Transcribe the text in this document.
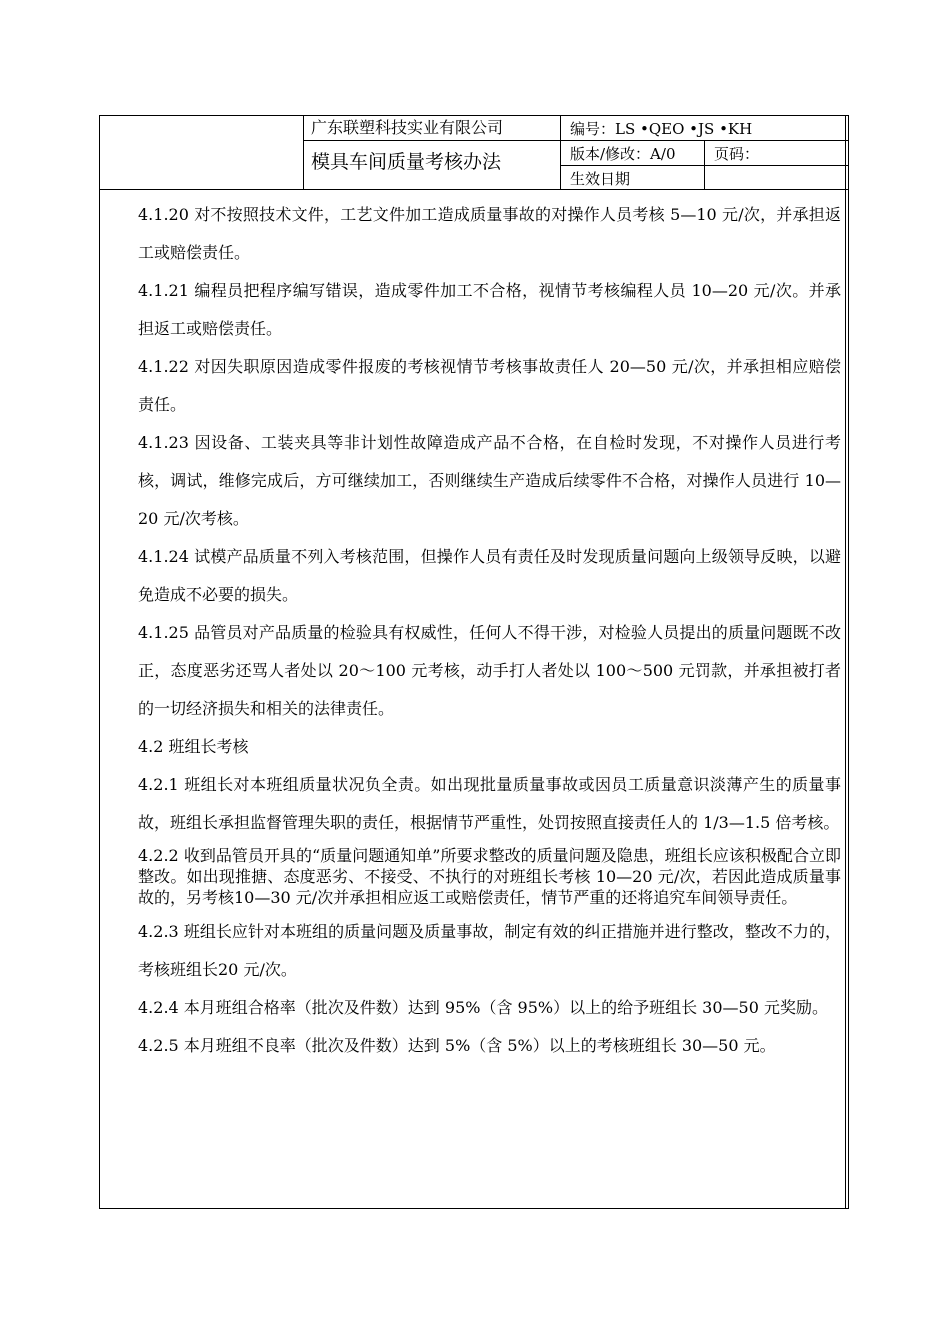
广东联塑科技实业有限公司
模具车间质量考核办法
编号：LS •QEO •JS •KH
版本/修改：A/0	页码：
生效日期

4.1.20 对不按照技术文件，工艺文件加工造成质量事故的对操作人员考核 5—10 元/次，并承担返工或赔偿责任。

4.1.21 编程员把程序编写错误，造成零件加工不合格，视情节考核编程人员 10—20 元/次。并承担返工或赔偿责任。

4.1.22 对因失职原因造成零件报废的考核视情节考核事故责任人 20—50 元/次，并承担相应赔偿责任。

4.1.23 因设备、工装夹具等非计划性故障造成产品不合格，在自检时发现，不对操作人员进行考核，调试，维修完成后，方可继续加工，否则继续生产造成后续零件不合格，对操作人员进行 10—20 元/次考核。

4.1.24 试模产品质量不列入考核范围，但操作人员有责任及时发现质量问题向上级领导反映，以避免造成不必要的损失。

4.1.25 品管员对产品质量的检验具有权威性，任何人不得干涉，对检验人员提出的质量问题既不改正，态度恶劣还骂人者处以 20～100 元考核，动手打人者处以 100～500 元罚款，并承担被打者的一切经济损失和相关的法律责任。

4.2 班组长考核

4.2.1 班组长对本班组质量状况负全责。如出现批量质量事故或因员工质量意识淡薄产生的质量事故，班组长承担监督管理失职的责任，根据情节严重性，处罚按照直接责任人的 1/3—1.5 倍考核。

4.2.2 收到品管员开具的“质量问题通知单”所要求整改的质量问题及隐患，班组长应该积极配合立即整改。如出现推搪、态度恶劣、不接受、不执行的对班组长考核 10—20 元/次，若因此造成质量事故的，另考核10—30 元/次并承担相应返工或赔偿责任，情节严重的还将追究车间领导责任。

4.2.3 班组长应针对本班组的质量问题及质量事故，制定有效的纠正措施并进行整改，整改不力的，考核班组长20 元/次。

4.2.4 本月班组合格率（批次及件数）达到 95%（含 95%）以上的给予班组长 30—50 元奖励。

4.2.5 本月班组不良率（批次及件数）达到 5%（含 5%）以上的考核班组长 30—50 元。
